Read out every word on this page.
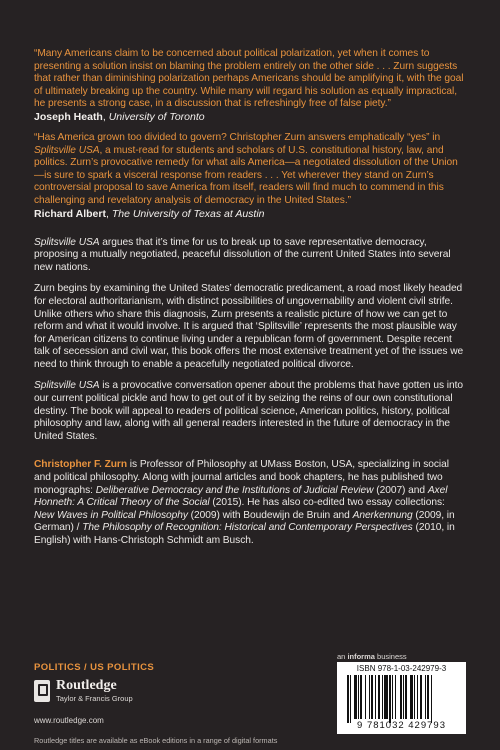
“Many Americans claim to be concerned about political polarization, yet when it comes to presenting a solution insist on blaming the problem entirely on the other side . . . Zurn suggests that rather than diminishing polarization perhaps Americans should be amplifying it, with the goal of ultimately breaking up the country. While many will regard his solution as equally impractical, he presents a strong case, in a discussion that is refreshingly free of false piety.”

Joseph Heath, University of Toronto

“Has America grown too divided to govern? Christopher Zurn answers emphatically “yes” in Splitsville USA, a must-read for students and scholars of U.S. constitutional history, law, and politics. Zurn’s provocative remedy for what ails America—a negotiated dissolution of the Union—is sure to spark a visceral response from readers . . . Yet wherever they stand on Zurn’s controversial proposal to save America from itself, readers will find much to commend in this challenging and revelatory analysis of democracy in the United States.”

Richard Albert, The University of Texas at Austin

Splitsville USA argues that it’s time for us to break up to save representative democracy, proposing a mutually negotiated, peaceful dissolution of the current United States into several new nations.

Zurn begins by examining the United States’ democratic predicament, a road most likely headed for electoral authoritarianism, with distinct possibilities of ungovernability and violent civil strife. Unlike others who share this diagnosis, Zurn presents a realistic picture of how we can get to reform and what it would involve. It is argued that ‘Splitsville’ represents the most plausible way for American citizens to continue living under a republican form of government. Despite recent talk of secession and civil war, this book offers the most extensive treatment yet of the issues we need to think through to enable a peacefully negotiated political divorce.

Splitsville USA is a provocative conversation opener about the problems that have gotten us into our current political pickle and how to get out of it by seizing the reins of our own constitutional destiny. The book will appeal to readers of political science, American politics, history, political philosophy and law, along with all general readers interested in the future of democracy in the United States.

Christopher F. Zurn is Professor of Philosophy at UMass Boston, USA, specializing in social and political philosophy. Along with journal articles and book chapters, he has published two monographs: Deliberative Democracy and the Institutions of Judicial Review (2007) and Axel Honneth: A Critical Theory of the Social (2015). He has also co-edited two essay collections: New Waves in Political Philosophy (2009) with Boudewijn de Bruin and Anerkennung (2009, in German) / The Philosophy of Recognition: Historical and Contemporary Perspectives (2010, in English) with Hans-Christoph Schmidt am Busch.

POLITICS / US POLITICS
Routledge
Taylor & Francis Group
www.routledge.com
an informa business
ISBN 978-1-03-242979-3
9 781032 429793
Routledge titles are available as eBook editions in a range of digital formats
